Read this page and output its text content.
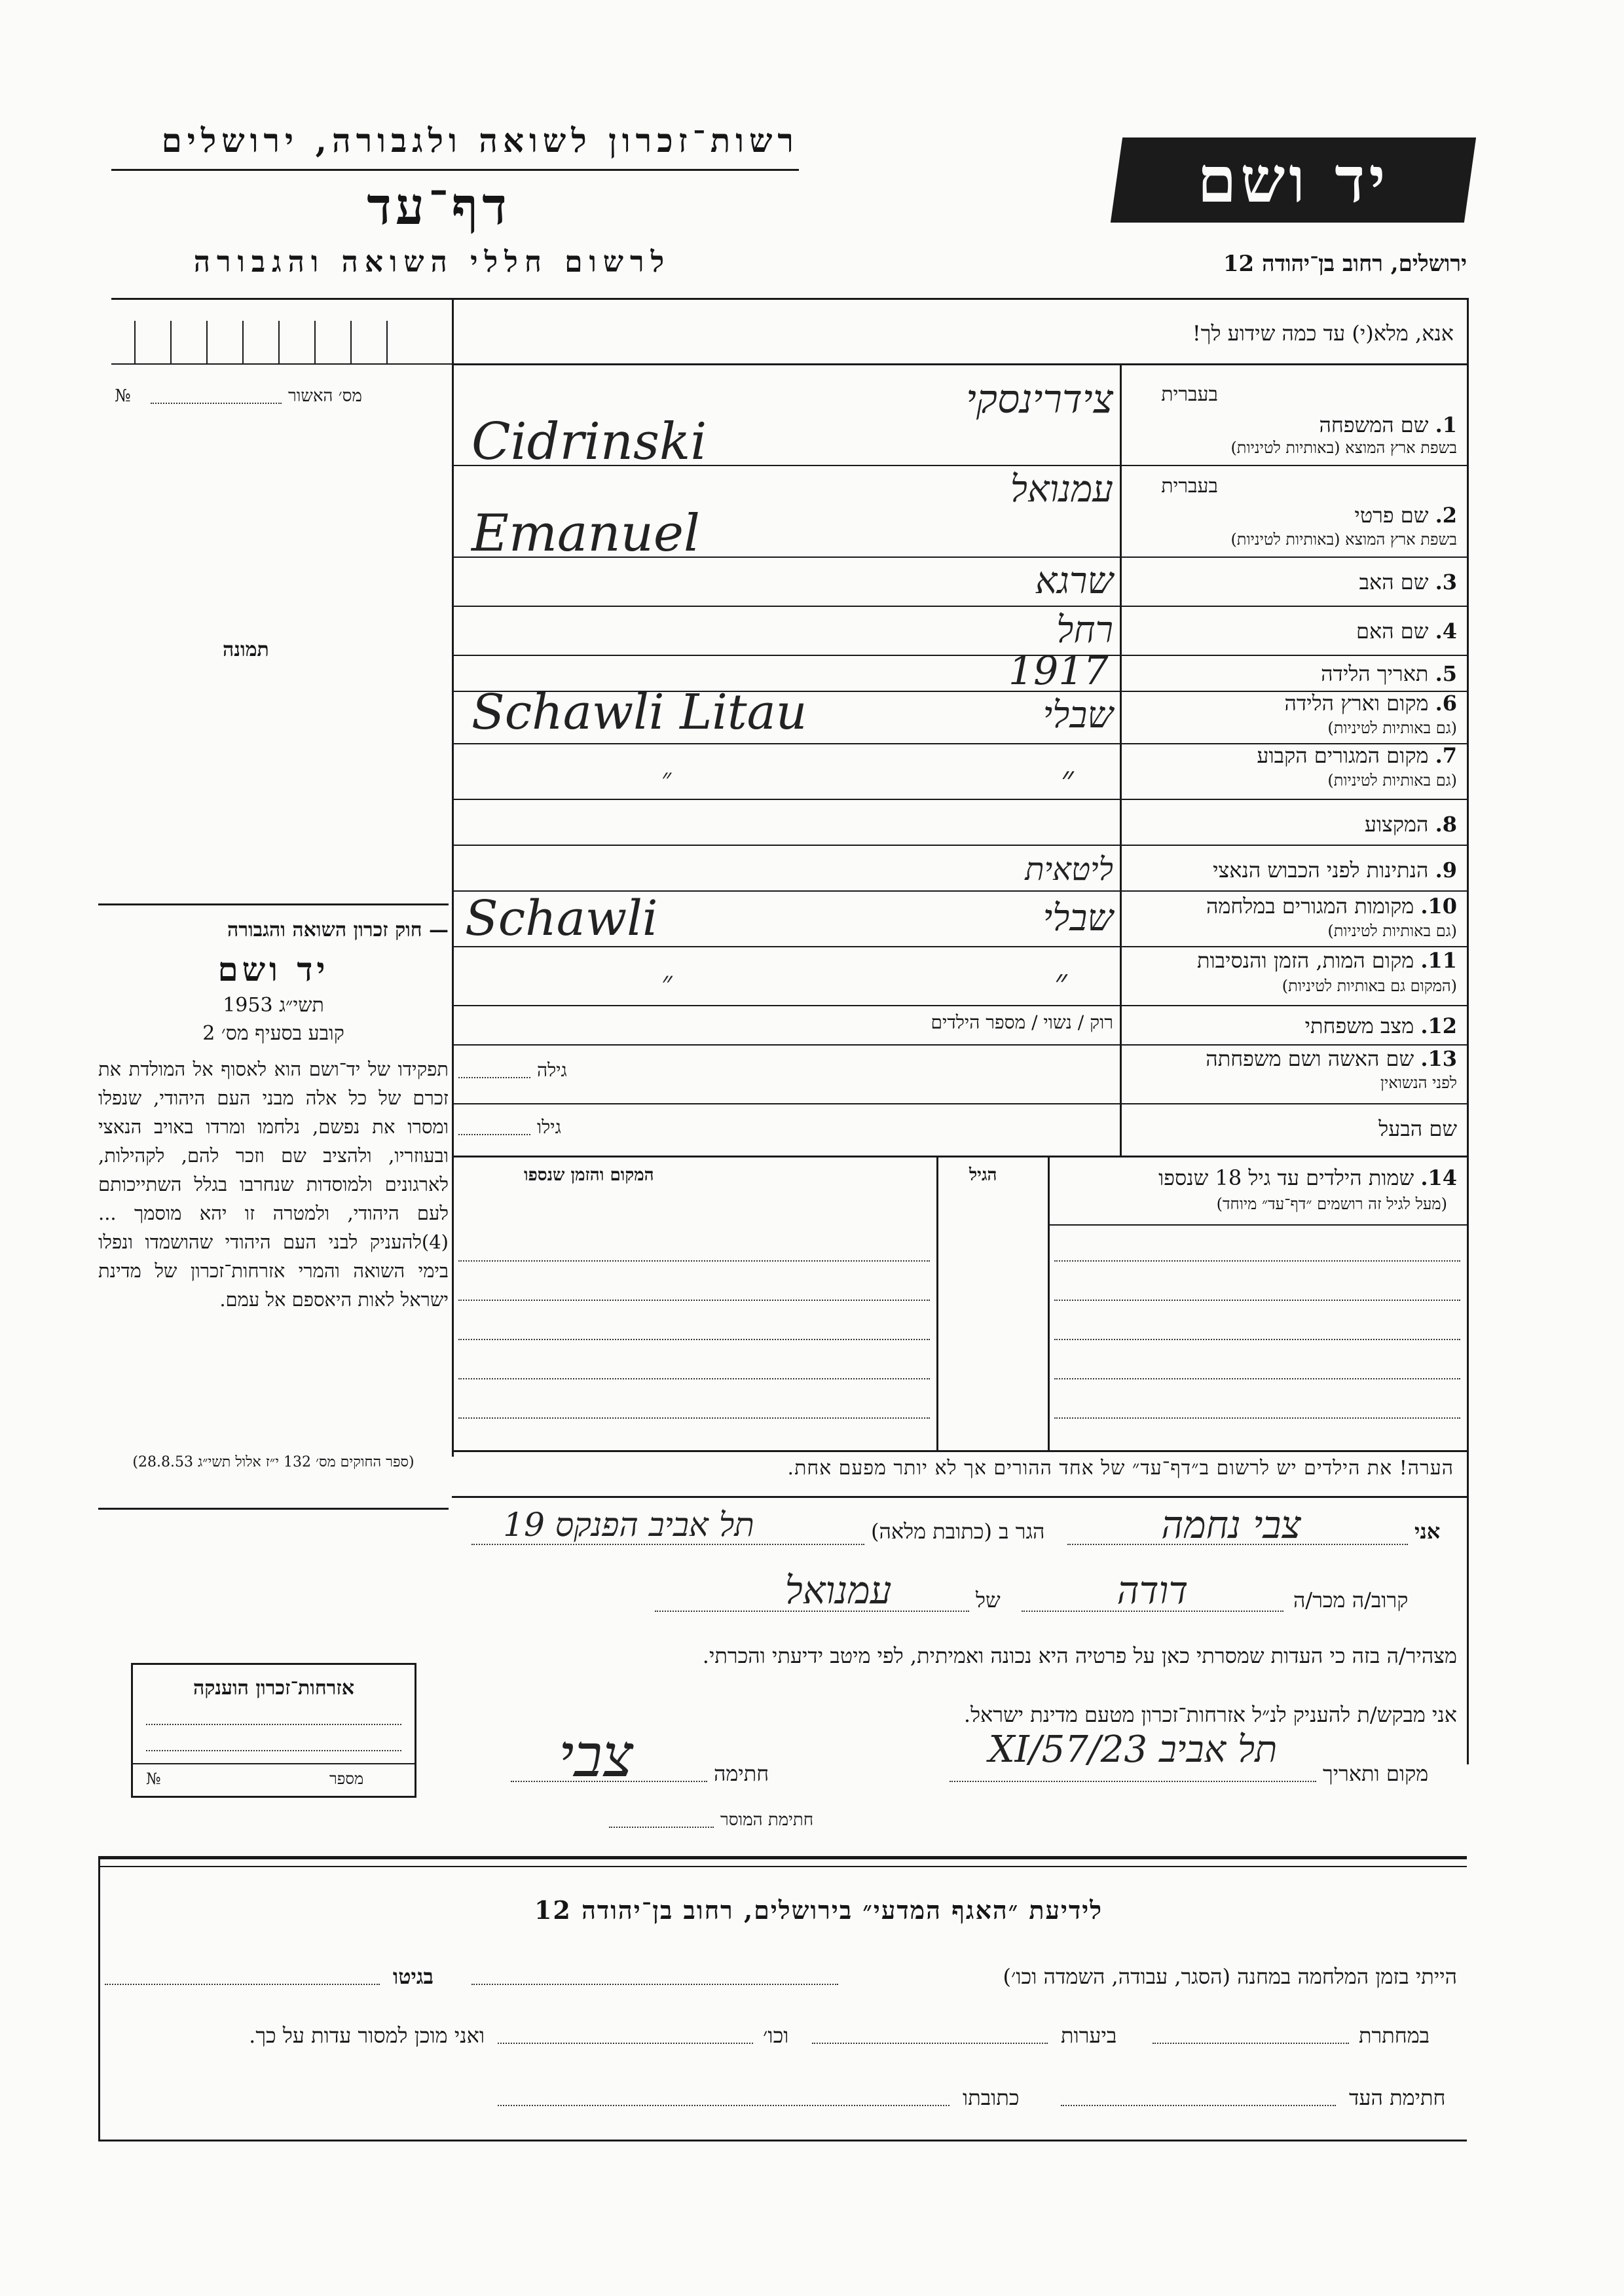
רשות־זכרון לשואה ולגבורה, ירושלים
דף־עד
לרשום חללי השואה והגבורה
יד ושם
ירושלים, רחוב בן־יהודה 12
№	מס׳ האשור
תמונה
אנא, מלא(י) עד כמה שידוע לך!
בעברית
1. שם המשפחה
בשפת ארץ המוצא (באותיות לטיניות)
צידרינסקי
Cidrinski
בעברית
2. שם פרטי
בשפת ארץ המוצא (באותיות לטיניות)
עמנואל
Emanuel
3. שם האב
שרגא
4. שם האם
רחל
5. תאריך הלידה
1917
6. מקום וארץ הלידה
(גם באותיות לטיניות)
שבלי
Schawli Litau
7. מקום המגורים הקבוע
(גם באותיות לטיניות)
״
״
8. המקצוע
9. הנתינות לפני הכבוש הנאצי
ליטאית
10. מקומות המגורים במלחמה
(גם באותיות לטיניות)
שבלי
Schawli
11. מקום המות, הזמן והנסיבות
(המקום גם באותיות לטיניות)
״
״
12. מצב משפחתי
רוק / נשוי / מספר הילדים
13. שם האשה ושם משפחתה
לפני הנשואין
גילה
שם הבעל
גילו
14. שמות הילדים עד גיל 18 שנספו
(מעל לגיל זה רושמים ״דף־עד״ מיוחד)
הגיל
המקום והזמן שנספו
— חוק זכרון השואה והגבורה
יד ושם
תשי״ג 1953
קובע בסעיף מס׳ 2
תפקידו של יד־ושם הוא לאסוף אל המולדת את זכרם של כל אלה מבני העם היהודי, שנפלו ומסרו את נפשם, נלחמו ומרדו באויב הנאצי ובעוזריו, ולהציב שם וזכר להם, לקהילות, לארגונים ולמוסדות שנחרבו בגלל השתייכותם לעם היהודי, ולמטרה זו יהא מוסמך ...(4)להעניק לבני העם היהודי שהושמדו ונפלו בימי השואה והמרי אזרחות־זכרון של מדינת ישראל לאות היאספם אל עמם.
(ספר החוקים מס׳ 132 י״ז אלול תשי״ג 28.8.53)	הערה! את הילדים יש לרשום ב״דף־עד״ של אחד ההורים אך לא יותר מפעם אחת.
אני
צבי נחמה
הגר ב (כתובת מלאה)
תל אביב הפנקס 19
קרוב/ה מכר/ה
דודה
של
עמנואל
מצהיר/ה בזה כי העדות שמסרתי כאן על פרטיה היא נכונה ואמיתית, לפי מיטב ידיעתי והכרתי.
אני מבקש/ת להעניק לנ״ל אזרחות־זכרון מטעם מדינת ישראל.
מקום ותאריך
תל אביב 23/XI/57
חתימה
צבי
חתימת המוסר
אזרחות־זכרון הוענקה
№	מספר
לידיעת ״האגף המדעי״ בירושלים, רחוב בן־יהודה 12
הייתי בזמן המלחמה במחנה (הסגר, עבודה, השמדה וכו׳)
בגיטו
במחתרת
ביערות
וכו׳
ואני מוכן למסור עדות על כך.
חתימת העד
כתובתו
